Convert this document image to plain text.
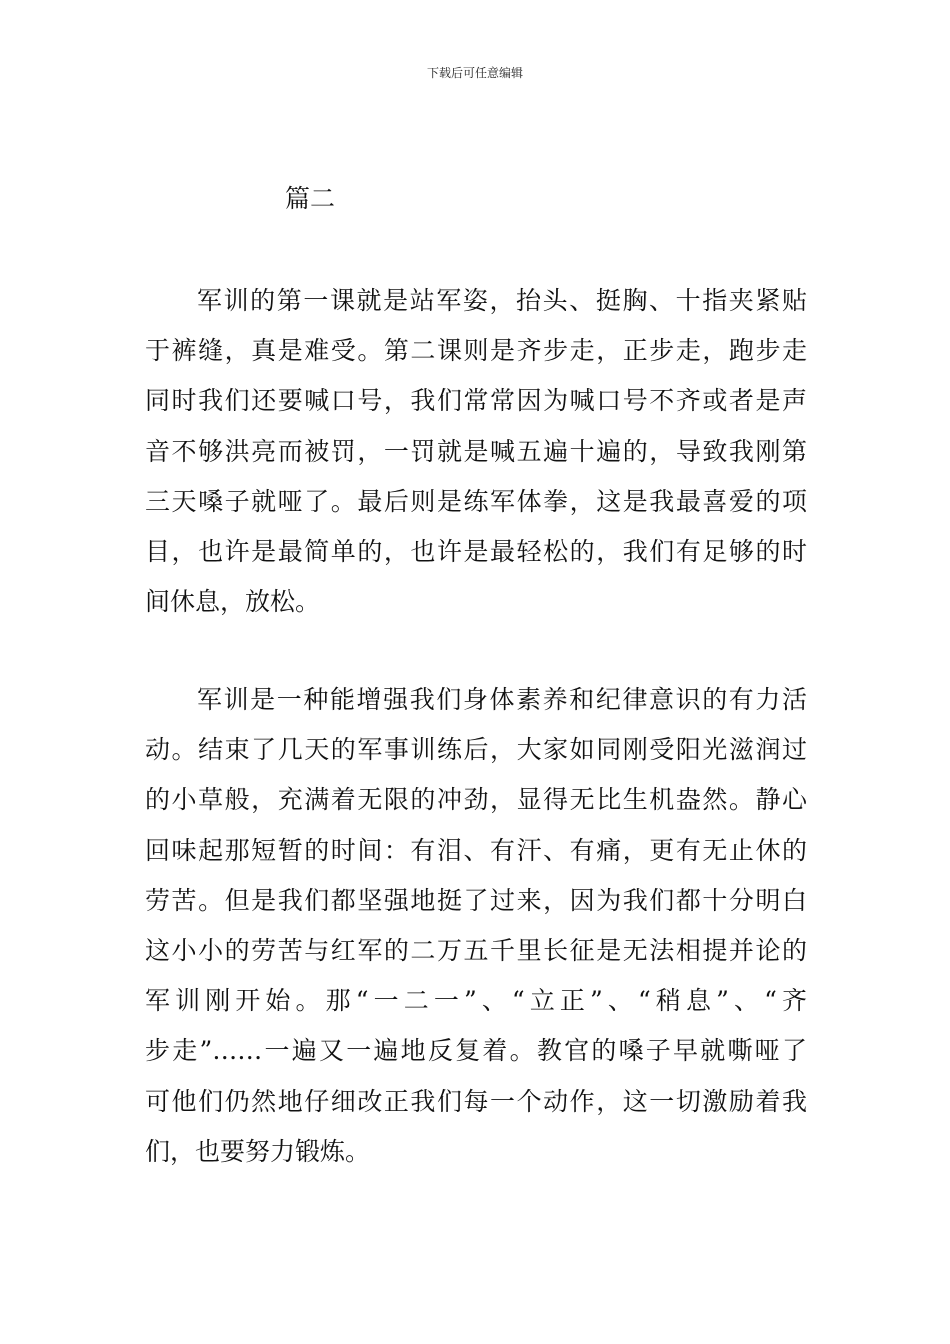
下载后可任意编辑
篇二
军训的第一课就是站军姿，抬头、挺胸、十指夹紧贴
于裤缝，真是难受。第二课则是齐步走，正步走，跑步走
同时我们还要喊口号，我们常常因为喊口号不齐或者是声
音不够洪亮而被罚，一罚就是喊五遍十遍的，导致我刚第
三天嗓子就哑了。最后则是练军体拳，这是我最喜爱的项
目，也许是最简单的，也许是最轻松的，我们有足够的时
间休息，放松。
军训是一种能增强我们身体素养和纪律意识的有力活
动。结束了几天的军事训练后，大家如同刚受阳光滋润过
的小草般，充满着无限的冲劲，显得无比生机盎然。静心
回味起那短暂的时间：有泪、有汗、有痛，更有无止休的
劳苦。但是我们都坚强地挺了过来，因为我们都十分明白
这小小的劳苦与红军的二万五千里长征是无法相提并论的
军训刚开始。那“一二一”、“立正”、“稍息”、“齐
步走”……一遍又一遍地反复着。教官的嗓子早就嘶哑了
可他们仍然地仔细改正我们每一个动作，这一切激励着我
们，也要努力锻炼。
